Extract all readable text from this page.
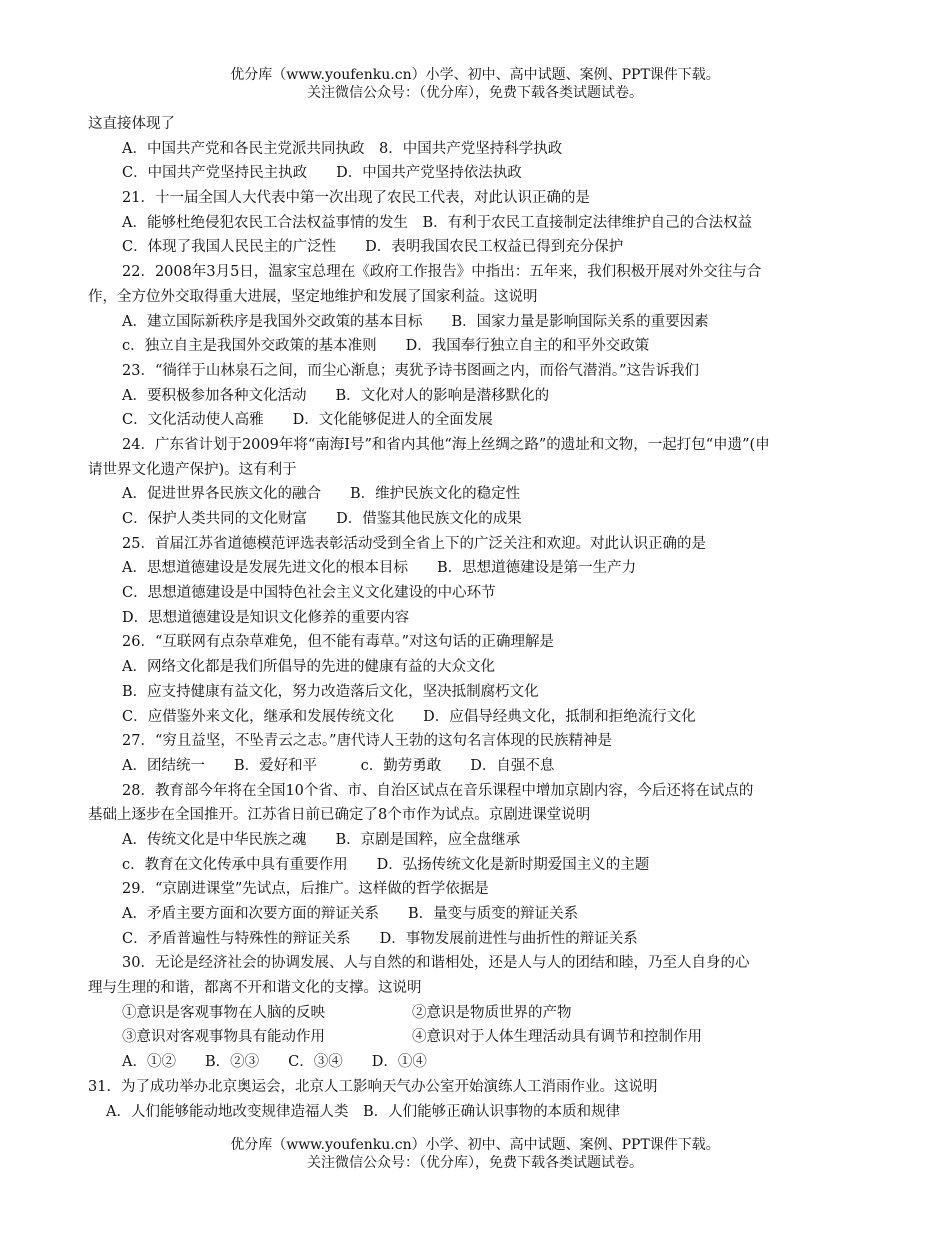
优分库（www.youfenku.cn）小学、初中、高中试题、案例、PPT课件下载。
关注微信公众号：（优分库），免费下载各类试题试卷。
这直接体现了
A．中国共产党和各民主党派共同执政　8．中国共产党坚持科学执政
C．中国共产党坚持民主执政　　D．中国共产党坚持依法执政
21．十一届全国人大代表中第一次出现了农民工代表，对此认识正确的是
A．能够杜绝侵犯农民工合法权益事情的发生　B．有利于农民工直接制定法律维护自己的合法权益
C．体现了我国人民民主的广泛性　　D．表明我国农民工权益已得到充分保护
22．2008年3月5日，温家宝总理在《政府工作报告》中指出：五年来，我们积极开展对外交往与合
作，全方位外交取得重大进展，坚定地维护和发展了国家利益。这说明
A．建立国际新秩序是我国外交政策的基本目标　　B．国家力量是影响国际关系的重要因素
c．独立自主是我国外交政策的基本准则　　D．我国奉行独立自主的和平外交政策
23．“徜徉于山林泉石之间，而尘心渐息；夷犹予诗书图画之内，而俗气潜消。”这告诉我们
A．要积极参加各种文化活动　　B．文化对人的影响是潜移默化的
C．文化活动使人高雅　　D．文化能够促进人的全面发展
24．广东省计划于2009年将“南海I号”和省内其他“海上丝绸之路”的遗址和文物，一起打包“申遗”(申
请世界文化遗产保护)。这有利于
A．促进世界各民族文化的融合　　B．维护民族文化的稳定性
C．保护人类共同的文化财富　　D．借鉴其他民族文化的成果
25．首届江苏省道德模范评选表彰活动受到全省上下的广泛关注和欢迎。对此认识正确的是
A．思想道德建设是发展先进文化的根本目标　　B．思想道德建设是第一生产力
C．思想道德建设是中国特色社会主义文化建设的中心环节
D．思想道德建设是知识文化修养的重要内容
26．“互联网有点杂草难免，但不能有毒草。”对这句话的正确理解是
A．网络文化都是我们所倡导的先进的健康有益的大众文化
B．应支持健康有益文化，努力改造落后文化，坚决抵制腐朽文化
C．应借鉴外来文化，继承和发展传统文化　　D．应倡导经典文化，抵制和拒绝流行文化
27．“穷且益坚，不坠青云之志。”唐代诗人王勃的这句名言体现的民族精神是
A．团结统一　　B．爱好和平　　　c．勤劳勇敢　　D．自强不息
28．教育部今年将在全国10个省、市、自治区试点在音乐课程中增加京剧内容，今后还将在试点的
基础上逐步在全国推开。江苏省日前已确定了8个市作为试点。京剧进课堂说明
A．传统文化是中华民族之魂　　B．京剧是国粹，应全盘继承
c．教育在文化传承中具有重要作用　　D．弘扬传统文化是新时期爱国主义的主题
29．“京剧进课堂”先试点，后推广。这样做的哲学依据是
A．矛盾主要方面和次要方面的辩证关系　　B．量变与质变的辩证关系
C．矛盾普遍性与特殊性的辩证关系　　D．事物发展前进性与曲折性的辩证关系
30．无论是经济社会的协调发展、人与自然的和谐相处，还是人与人的团结和睦，乃至人自身的心
理与生理的和谐，都离不开和谐文化的支撑。这说明
①意识是客观事物在人脑的反映　　　　　　②意识是物质世界的产物
③意识对客观事物具有能动作用　　　　　　④意识对于人体生理活动具有调节和控制作用
A．①②　　B．②③　　C．③④　　D．①④
31．为了成功举办北京奥运会，北京人工影响天气办公室开始演练人工消雨作业。这说明
A．人们能够能动地改变规律造福人类　B．人们能够正确认识事物的本质和规律
优分库（www.youfenku.cn）小学、初中、高中试题、案例、PPT课件下载。
关注微信公众号：（优分库），免费下载各类试题试卷。
